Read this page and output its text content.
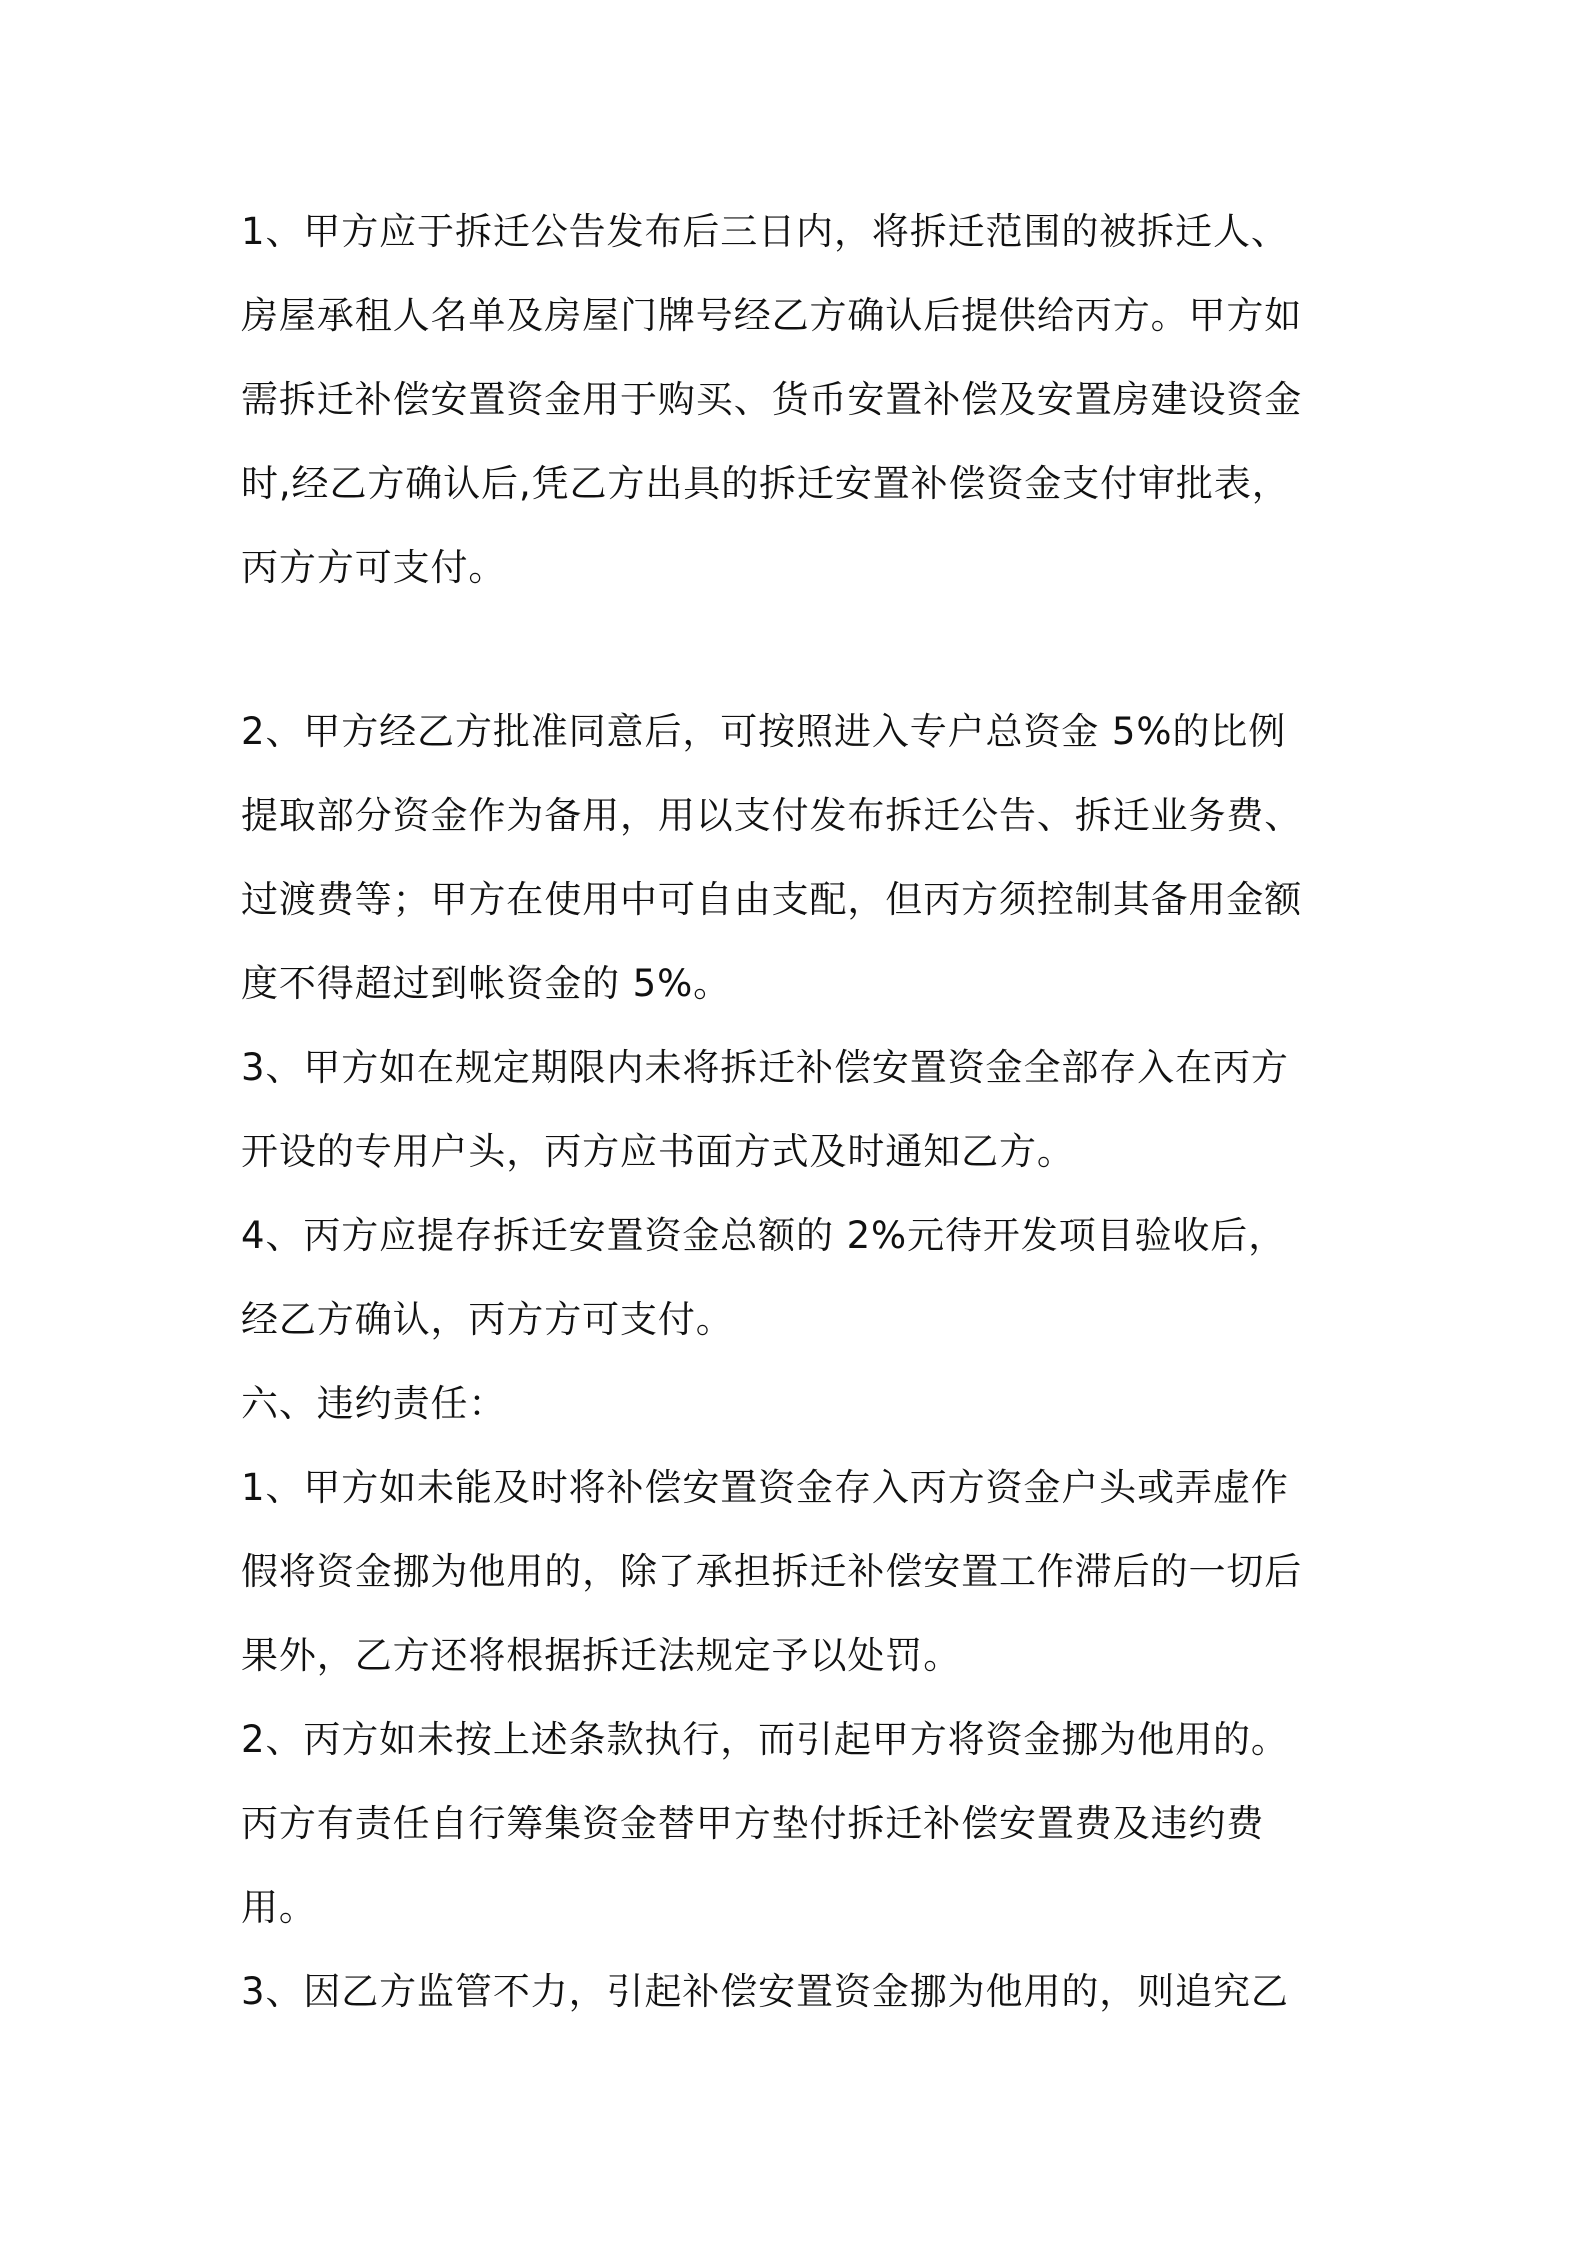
1、甲方应于拆迁公告发布后三日内，将拆迁范围的被拆迁人、
房屋承租人名单及房屋门牌号经乙方确认后提供给丙方。甲方如
需拆迁补偿安置资金用于购买、货币安置补偿及安置房建设资金
时,经乙方确认后,凭乙方出具的拆迁安置补偿资金支付审批表，
丙方方可支付。
2、甲方经乙方批准同意后，可按照进入专户总资金 5%的比例
提取部分资金作为备用，用以支付发布拆迁公告、拆迁业务费、
过渡费等；甲方在使用中可自由支配，但丙方须控制其备用金额
度不得超过到帐资金的 5%。
3、甲方如在规定期限内未将拆迁补偿安置资金全部存入在丙方
开设的专用户头，丙方应书面方式及时通知乙方。
4、丙方应提存拆迁安置资金总额的 2%元待开发项目验收后，
经乙方确认，丙方方可支付。
六、违约责任：
1、甲方如未能及时将补偿安置资金存入丙方资金户头或弄虚作
假将资金挪为他用的，除了承担拆迁补偿安置工作滞后的一切后
果外，乙方还将根据拆迁法规定予以处罚。
2、丙方如未按上述条款执行，而引起甲方将资金挪为他用的。
丙方有责任自行筹集资金替甲方垫付拆迁补偿安置费及违约费
用。
3、因乙方监管不力，引起补偿安置资金挪为他用的，则追究乙
